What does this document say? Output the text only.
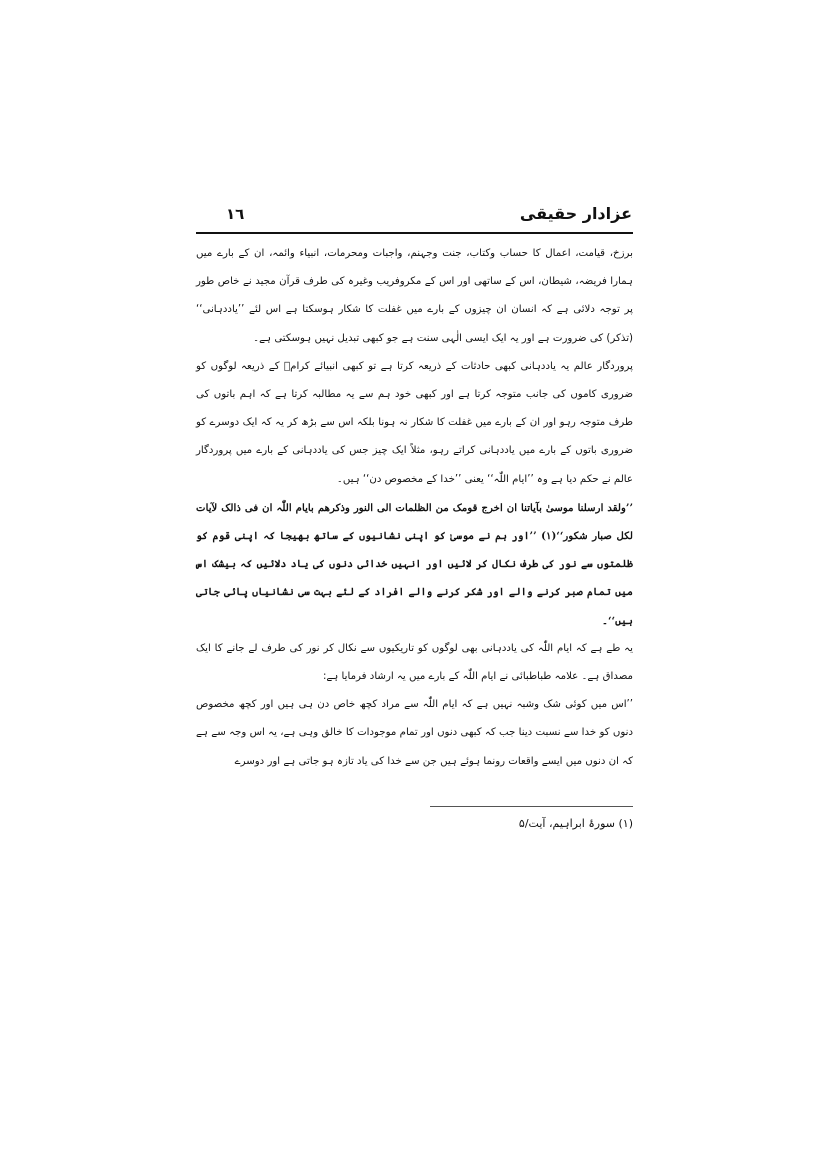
عزادار حقیقی
١٦

برزخ، قیامت، اعمال کا حساب وکتاب، جنت وجہنم، واجبات ومحرمات، انبیاء وائمہ، ان کے بارے میں ہمارا فریضہ، شیطان، اس کے ساتھی اور اس کے مکروفریب وغیرہ کی طرف قرآن مجید نے خاص طور پر توجہ دلائی ہے کہ انسان ان چیزوں کے بارے میں غفلت کا شکار ہوسکتا ہے اس لئے ’’یاددہانی‘‘ (تذکر) کی ضرورت ہے اور یہ ایک ایسی الٰہی سنت ہے جو کبھی تبدیل نہیں ہوسکتی ہے۔

پروردگار عالم یہ یاددہانی کبھی حادثات کے ذریعہ کرتا ہے تو کبھی انبیائے کرامؑ کے ذریعہ لوگوں کو ضروری کاموں کی جانب متوجہ کرتا ہے اور کبھی خود ہم سے یہ مطالبہ کرتا ہے کہ اہم باتوں کی طرف متوجہ رہو اور ان کے بارے میں غفلت کا شکار نہ ہونا بلکہ اس سے بڑھ کر یہ کہ ایک دوسرے کو ضروری باتوں کے بارے میں یاددہانی کراتے رہو، مثلاً ایک چیز جس کی یاددہانی کے بارے میں پروردگار عالم نے حکم دیا ہے وہ ’’ایام اللّٰہ‘‘ یعنی ’’خدا کے مخصوص دن‘‘ ہیں۔

’’ولقد ارسلنا موسیٰ بآیاتنا ان اخرج قومک من الظلمات الی النور وذکرھم بایام اللّٰہ ان فی ذالک لآیات لکل صبار شکور‘‘(۱) ’’اور ہم نے موسیٰ کو اپنی نشانیوں کے ساتھ بھیجا کہ اپنی قوم کو ظلمتوں سے نور کی طرف نکال کر لائیں اور انہیں خدائی دنوں کی یاد دلائیں کہ بیشک اس میں تمام صبر کرنے والے اور شکر کرنے والے افراد کے لئے بہت سی نشانیاں پائی جاتی ہیں‘‘۔

یہ طے ہے کہ ایام اللّٰہ کی یاددہانی بھی لوگوں کو تاریکیوں سے نکال کر نور کی طرف لے جانے کا ایک مصداق ہے۔ علامہ طباطبائی نے ایام اللّٰہ کے بارے میں یہ ارشاد فرمایا ہے:

’’اس میں کوئی شک وشبہ نہیں ہے کہ ایام اللّٰہ سے مراد کچھ خاص دن ہی ہیں اور کچھ مخصوص دنوں کو خدا سے نسبت دینا جب کہ کبھی دنوں اور تمام موجودات کا خالق وہی ہے، یہ اس وجہ سے ہے کہ ان دنوں میں ایسے واقعات رونما ہوئے ہیں جن سے خدا کی یاد تازہ ہو جاتی ہے اور دوسرے

(۱) سورۂ ابراہیم، آیت/۵
